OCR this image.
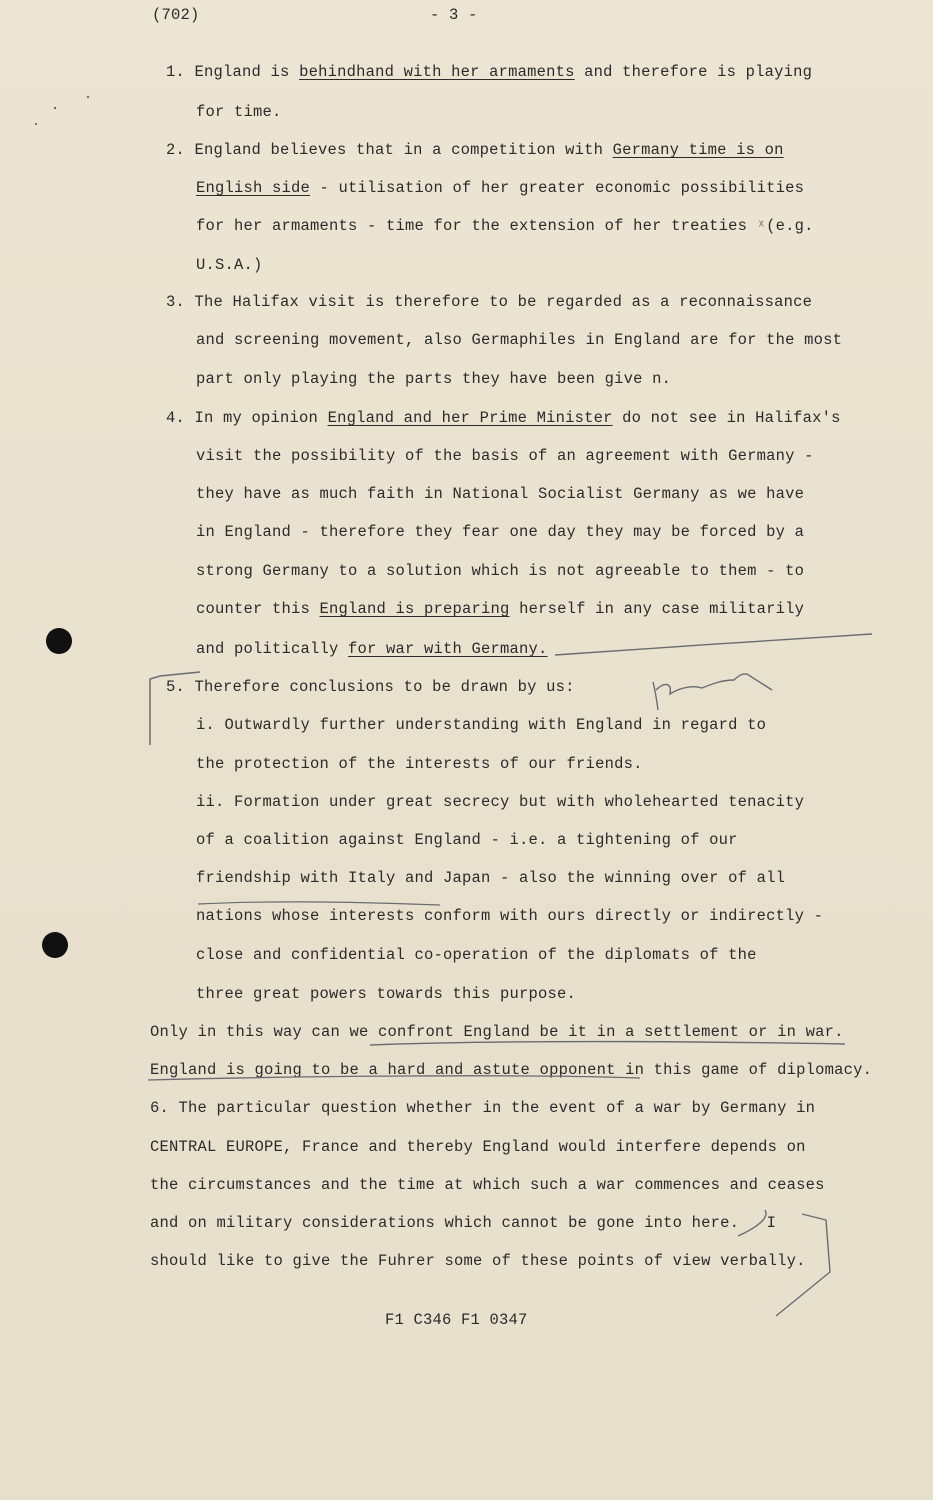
(702)	- 3 -
1. England is behindhand with her armaments and therefore is playing
for time.
2. England believes that in a competition with Germany time is on
English side - utilisation of her greater economic possibilities
for her armaments - time for the extension of her treaties ˣ(e.g.
U.S.A.)
3. The Halifax visit is therefore to be regarded as a reconnaissance
and screening movement, also Germaphiles in England are for the most
part only playing the parts they have been give n.
4. In my opinion England and her Prime Minister do not see in Halifax's
visit the possibility of the basis of an agreement with Germany -
they have as much faith in National Socialist Germany as we have
in England - therefore they fear one day they may be forced by a
strong Germany to a solution which is not agreeable to them - to
counter this England is preparing herself in any case militarily
and politically for war with Germany.
5. Therefore conclusions to be drawn by us:
i. Outwardly further understanding with England in regard to
the protection of the interests of our friends.
ii. Formation under great secrecy but with wholehearted tenacity
of a coalition against England - i.e. a tightening of our
friendship with Italy and Japan - also the winning over of all
nations whose interests conform with ours directly or indirectly -
close and confidential co-operation of the diplomats of the
three great powers towards this purpose.
Only in this way can we confront England be it in a settlement or in war.
England is going to be a hard and astute opponent in this game of diplomacy.
6. The particular question whether in the event of a war by Germany in
CENTRAL EUROPE, France and thereby England would interfere depends on
the circumstances and the time at which such a war commences and ceases
and on military considerations which cannot be gone into here. I
should like to give the Fuhrer some of these points of view verbally.
F1 C346 F1 0347
